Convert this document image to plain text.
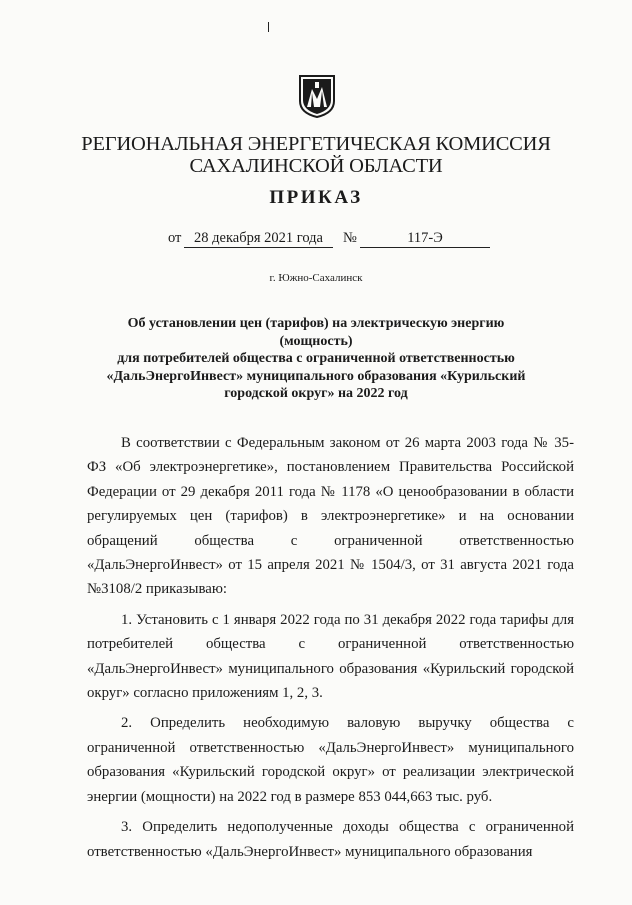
РЕГИОНАЛЬНАЯ ЭНЕРГЕТИЧЕСКАЯ КОМИССИЯ
САХАЛИНСКОЙ ОБЛАСТИ
ПРИКАЗ
от 28 декабря 2021 года	№	117-Э
г. Южно-Сахалинск
Об установлении цен (тарифов) на электрическую энергию (мощность)
для потребителей общества с ограниченной ответственностью
«ДальЭнергоИнвест» муниципального образования «Курильский
городской округ» на 2022 год

В соответствии с Федеральным законом от 26 марта 2003 года № 35-ФЗ «Об электроэнергетике», постановлением Правительства Российской Федерации от 29 декабря 2011 года № 1178 «О ценообразовании в области регулируемых цен (тарифов) в электроэнергетике» и на основании обращений общества с ограниченной ответственностью «ДальЭнергоИнвест» от 15 апреля 2021 № 1504/3, от 31 августа 2021 года №3108/2 приказываю:

1. Установить с 1 января 2022 года по 31 декабря 2022 года тарифы для потребителей общества с ограниченной ответственностью «ДальЭнергоИнвест» муниципального образования «Курильский городской округ» согласно приложениям 1, 2, 3.

2. Определить необходимую валовую выручку общества с ограниченной ответственностью «ДальЭнергоИнвест» муниципального образования «Курильский городской округ» от реализации электрической энергии (мощности) на 2022 год в размере 853 044,663 тыс. руб.

3. Определить недополученные доходы общества с ограниченной ответственностью «ДальЭнергоИнвест» муниципального образования
